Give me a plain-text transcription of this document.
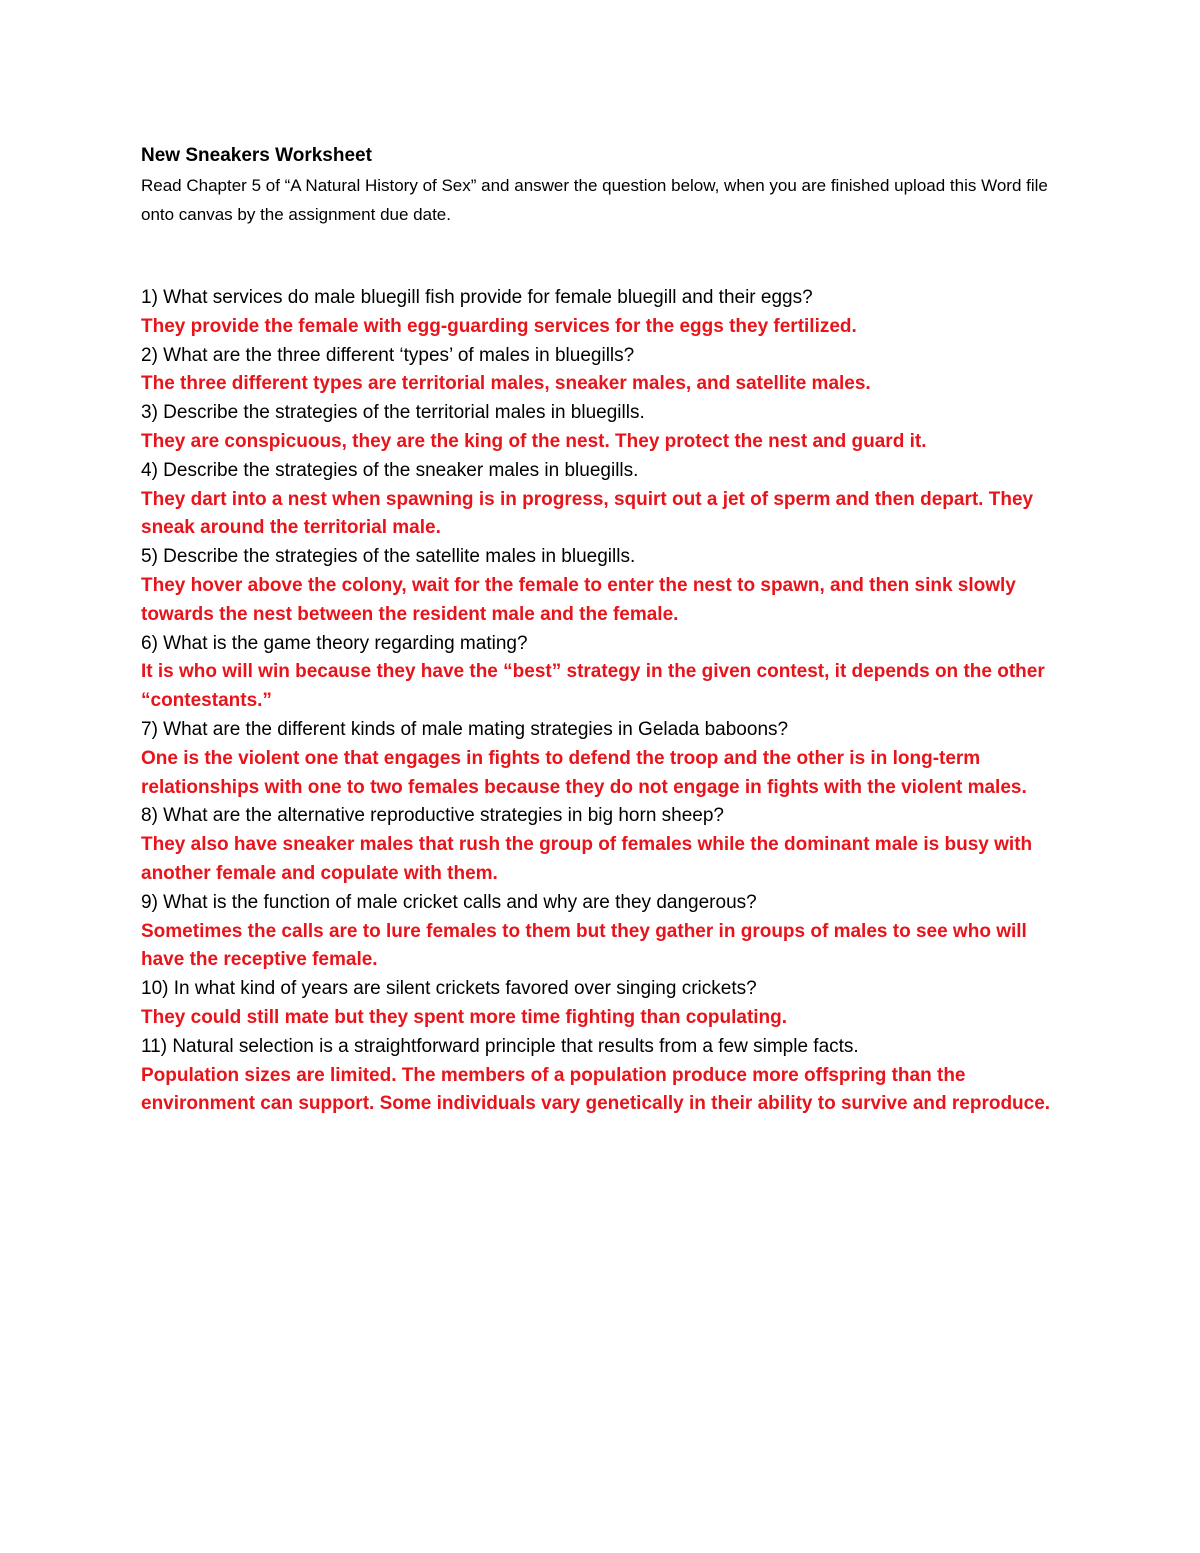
New Sneakers Worksheet

Read Chapter 5 of “A Natural History of Sex” and answer the question below, when you are finished upload this Word file onto canvas by the assignment due date.

1) What services do male bluegill fish provide for female bluegill and their eggs?

They provide the female with egg-guarding services for the eggs they fertilized.

2) What are the three different ‘types’ of males in bluegills?

The three different types are territorial males, sneaker males, and satellite males.

3) Describe the strategies of the territorial males in bluegills.

They are conspicuous, they are the king of the nest. They protect the nest and guard it.

4) Describe the strategies of the sneaker males in bluegills.

They dart into a nest when spawning is in progress, squirt out a jet of sperm and then depart. They sneak around the territorial male.

5) Describe the strategies of the satellite males in bluegills.

They hover above the colony, wait for the female to enter the nest to spawn, and then sink slowly towards the nest between the resident male and the female.

6) What is the game theory regarding mating?

It is who will win because they have the “best” strategy in the given contest, it depends on the other “contestants.”

7) What are the different kinds of male mating strategies in Gelada baboons?

One is the violent one that engages in fights to defend the troop and the other is in long-term relationships with one to two females because they do not engage in fights with the violent males.

8) What are the alternative reproductive strategies in big horn sheep?

They also have sneaker males that rush the group of females while the dominant male is busy with another female and copulate with them.

9) What is the function of male cricket calls and why are they dangerous?

Sometimes the calls are to lure females to them but they gather in groups of males to see who will have the receptive female.

10) In what kind of years are silent crickets favored over singing crickets?

They could still mate but they spent more time fighting than copulating.

11) Natural selection is a straightforward principle that results from a few simple facts.

Population sizes are limited. The members of a population produce more offspring than the environment can support. Some individuals vary genetically in their ability to survive and reproduce.
